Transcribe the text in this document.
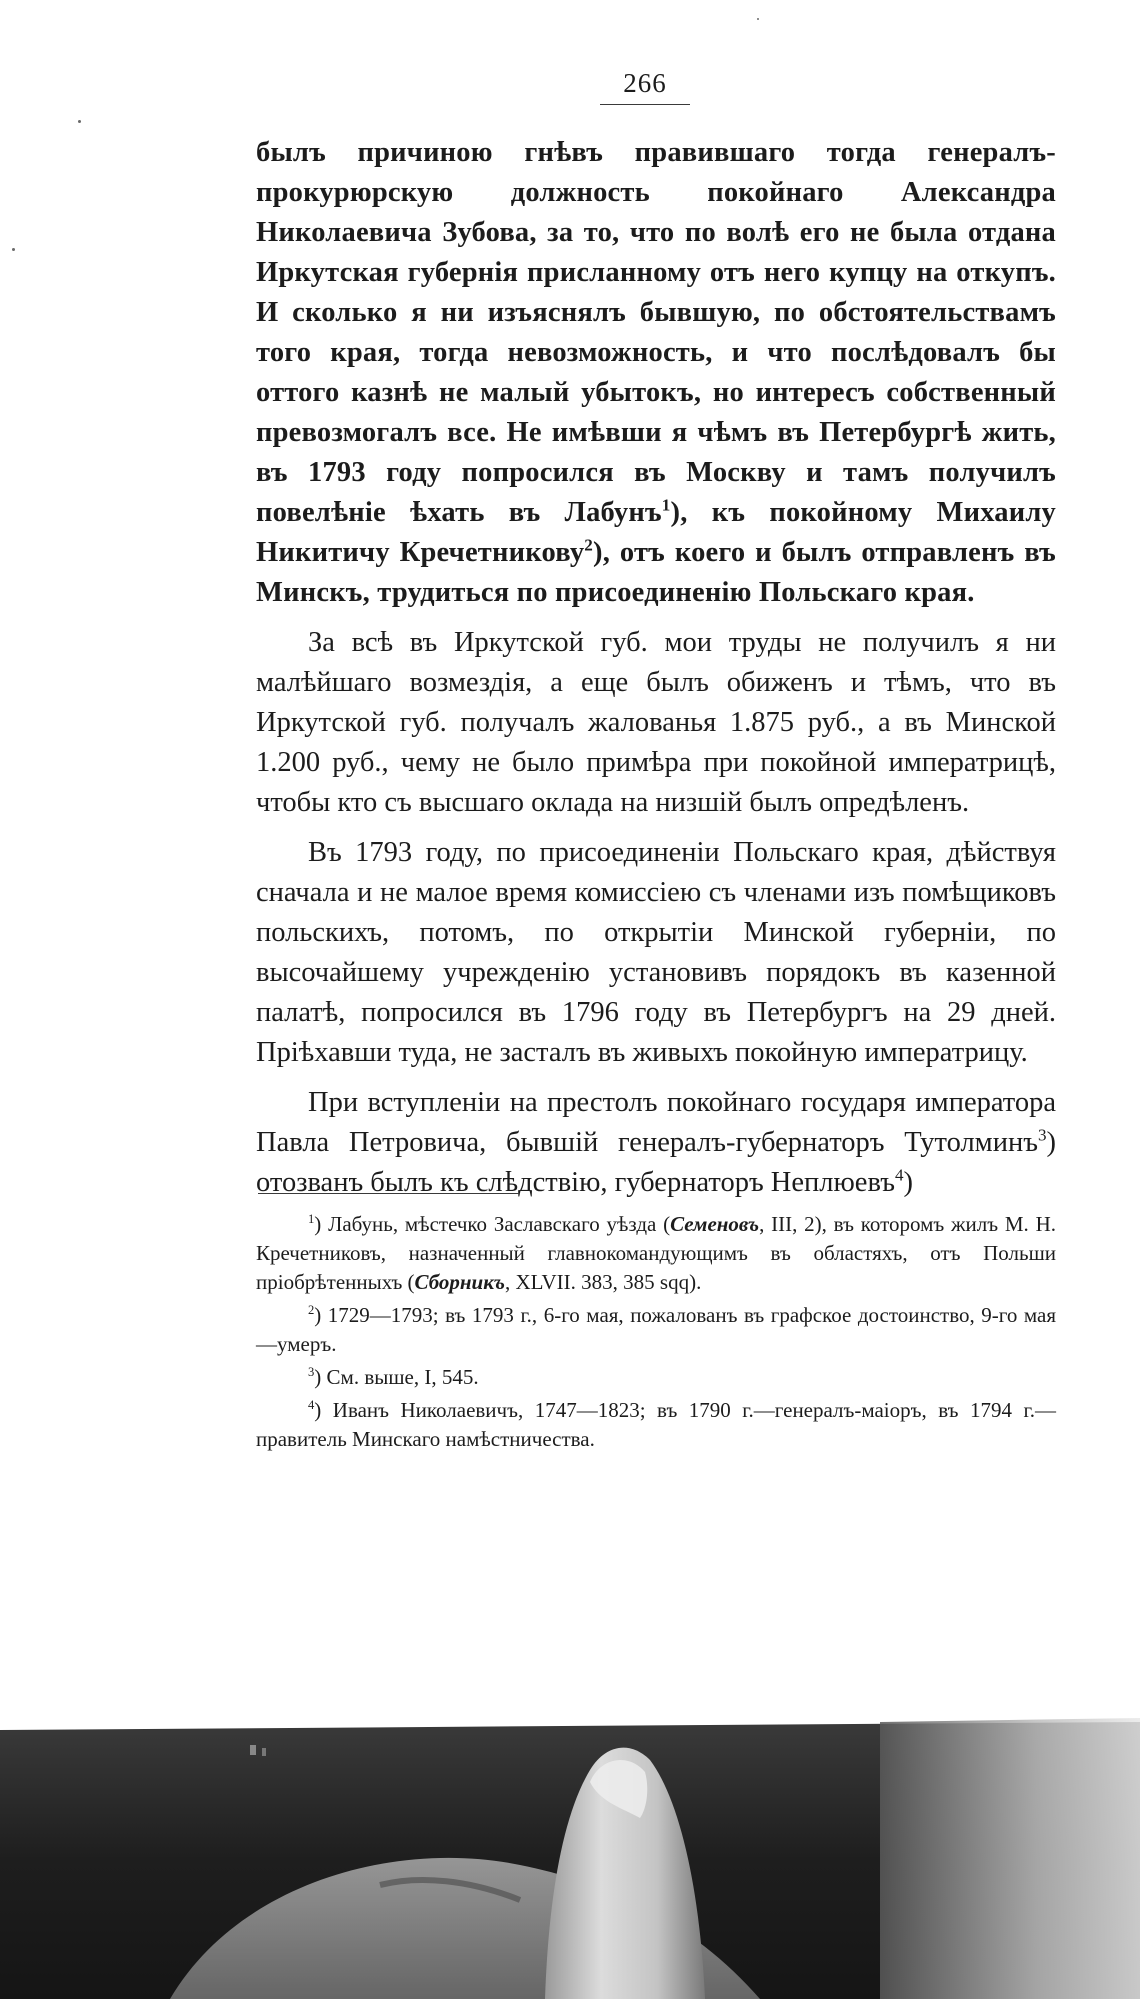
266

былъ причиною гнѣвъ правившаго тогда генералъ-прокурюрскую должность покойнаго Александра Николаевича Зубова, за то, что по волѣ его не была отдана Иркутская губернія присланному отъ него купцу на откупъ. И сколько я ни изъяснялъ бывшую, по обстоятельствамъ того края, тогда невозможность, и что послѣдовалъ бы оттого казнѣ не малый убытокъ, но интересъ собственный превозмогалъ все. Не имѣвши я чѣмъ въ Петербургѣ жить, въ 1793 году попросился въ Москву и тамъ получилъ повелѣніе ѣхать въ Лабунъ$^1$), къ покойному Михаилу Никитичу Кречетникову$^2$), отъ коего и былъ отправленъ въ Минскъ, трудиться по присоединенію Польскаго края.

За всѣ въ Иркутской губ. мои труды не получилъ я ни малѣйшаго возмездія, а еще былъ обиженъ и тѣмъ, что въ Иркутской губ. получалъ жалованья 1.875 руб., а въ Минской 1.200 руб., чему не было примѣра при покойной императрицѣ, чтобы кто съ высшаго оклада на низшій былъ опредѣленъ.

Въ 1793 году, по присоединеніи Польскаго края, дѣйствуя сначала и не малое время комиссіею съ членами изъ помѣщиковъ польскихъ, потомъ, по открытіи Минской губерніи, по высочайшему учрежденію установивъ порядокъ въ казенной палатѣ, попросился въ 1796 году въ Петербургъ на 29 дней. Пріѣхавши туда, не засталъ въ живыхъ покойную императрицу.

При вступленіи на престолъ покойнаго государя императора Павла Петровича, бывшій генералъ-губернаторъ Тутолминъ$^3$) отозванъ былъ къ слѣдствію, губернаторъ Неплюевъ$^4$)

$^1$) Лабунь, мѣстечко Заславскаго уѣзда (Семеновъ, III, 2), въ которомъ жилъ М. Н. Кречетниковъ, назначенный главнокомандующимъ въ областяхъ, отъ Польши пріобрѣтенныхъ (Сборникъ, XLVII. 383, 385 sqq).
$^2$) 1729—1793; въ 1793 г., 6-го мая, пожалованъ въ графское достоинство, 9-го мая—умеръ.
$^3$) См. выше, I, 545.
$^4$) Иванъ Николаевичъ, 1747—1823; въ 1790 г.—генералъ-маіоръ, въ 1794 г.—правитель Минскаго намѣстничества.
